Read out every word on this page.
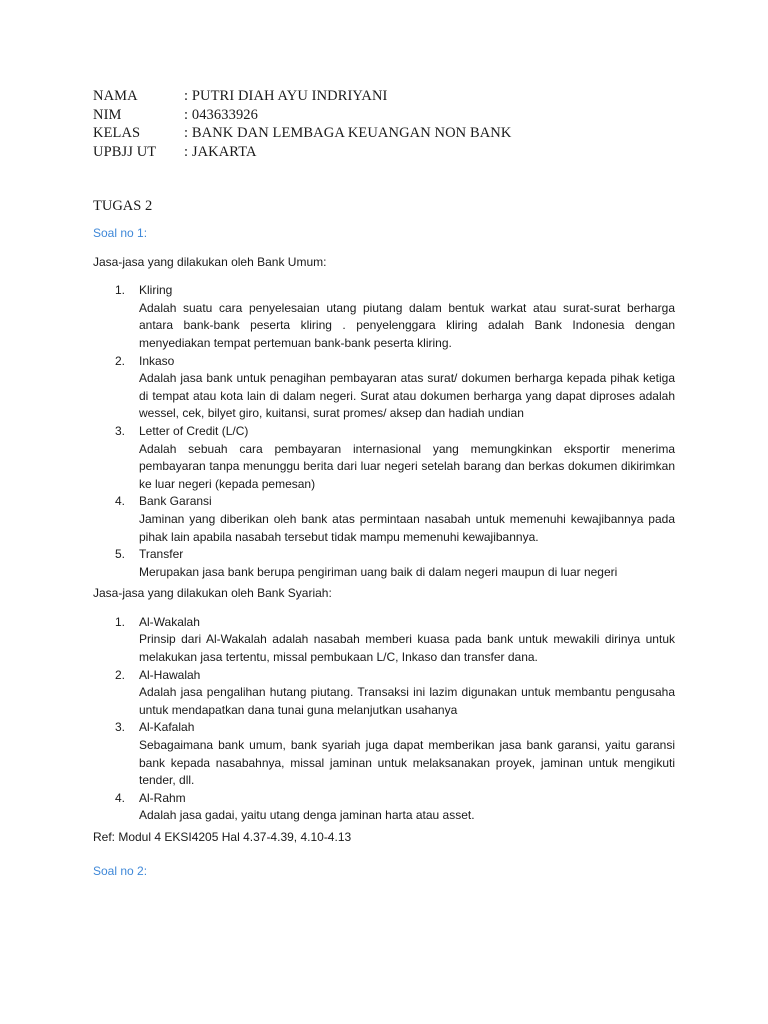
NAMA	: PUTRI DIAH AYU INDRIYANI
NIM	: 043633926
KELAS	: BANK DAN LEMBAGA KEUANGAN NON BANK
UPBJJ UT	: JAKARTA
TUGAS 2

Soal no 1:

Jasa-jasa yang dilakukan oleh Bank Umum:

1. Kliring
Adalah suatu cara penyelesaian utang piutang dalam bentuk warkat atau surat-surat berharga antara bank-bank peserta kliring . penyelenggara kliring adalah Bank Indonesia dengan menyediakan tempat pertemuan bank-bank peserta kliring.
2. Inkaso
Adalah jasa bank untuk penagihan pembayaran atas surat/ dokumen berharga kepada pihak ketiga di tempat atau kota lain di dalam negeri. Surat atau dokumen berharga yang dapat diproses adalah wessel, cek, bilyet giro, kuitansi, surat promes/ aksep dan hadiah undian
3. Letter of Credit (L/C)
Adalah sebuah cara pembayaran internasional yang memungkinkan eksportir menerima pembayaran tanpa menunggu berita dari luar negeri setelah barang dan berkas dokumen dikirimkan ke luar negeri (kepada pemesan)
4. Bank Garansi
Jaminan yang diberikan oleh bank atas permintaan nasabah untuk memenuhi kewajibannya pada pihak lain apabila nasabah tersebut tidak mampu memenuhi kewajibannya.
5. Transfer
Merupakan jasa bank berupa pengiriman uang baik di dalam negeri maupun di luar negeri

Jasa-jasa yang dilakukan oleh Bank Syariah:

1. Al-Wakalah
Prinsip dari Al-Wakalah adalah nasabah memberi kuasa pada bank untuk mewakili dirinya untuk melakukan jasa tertentu, missal pembukaan L/C, Inkaso dan transfer dana.
2. Al-Hawalah
Adalah jasa pengalihan hutang piutang. Transaksi ini lazim digunakan untuk membantu pengusaha untuk mendapatkan dana tunai guna melanjutkan usahanya
3. Al-Kafalah
Sebagaimana bank umum, bank syariah juga dapat memberikan jasa bank garansi, yaitu garansi bank kepada nasabahnya, missal jaminan untuk melaksanakan proyek, jaminan untuk mengikuti tender, dll.
4. Al-Rahm
Adalah jasa gadai, yaitu utang denga jaminan harta atau asset.

Ref: Modul 4 EKSI4205 Hal 4.37-4.39, 4.10-4.13

Soal no 2:
